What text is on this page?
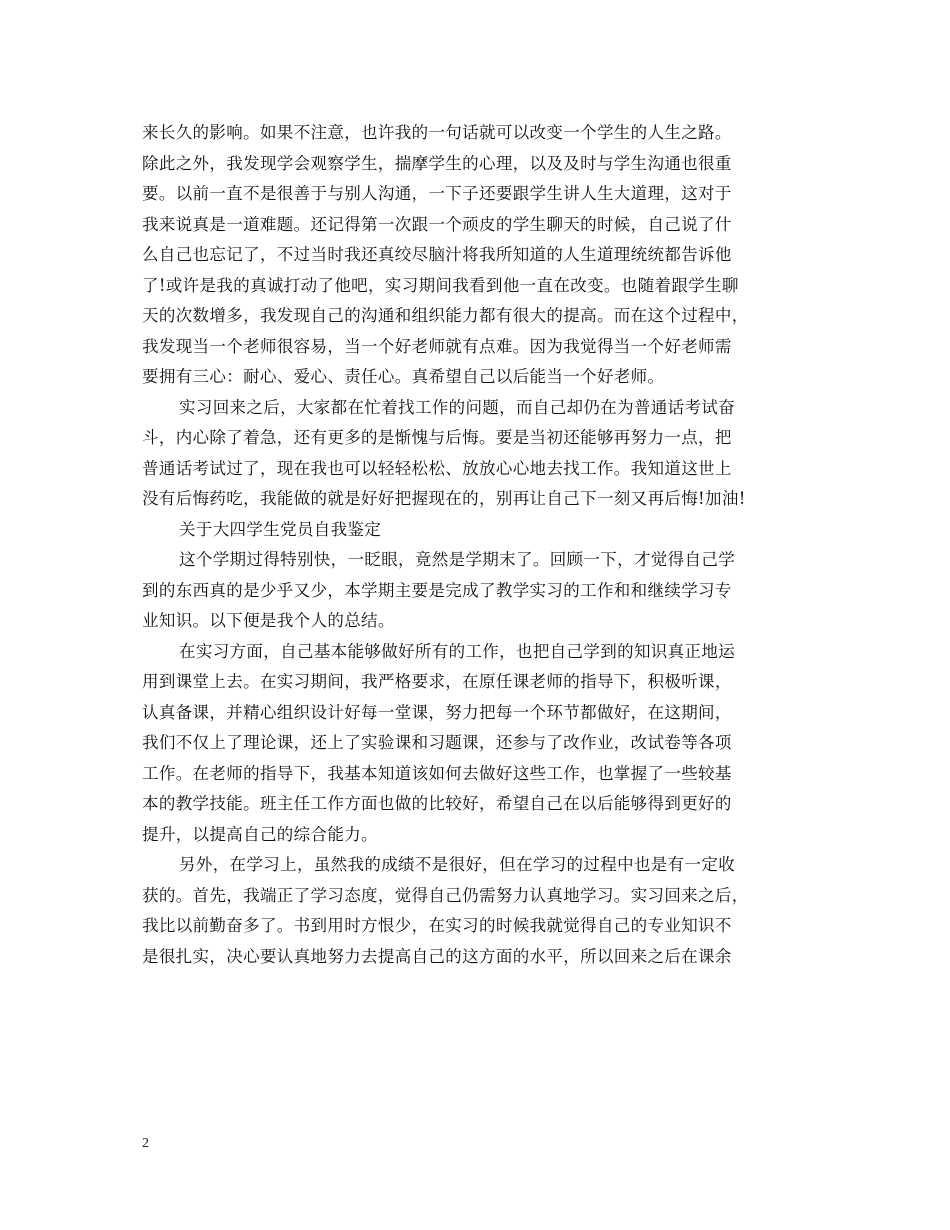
来长久的影响。如果不注意，也许我的一句话就可以改变一个学生的人生之路。
除此之外，我发现学会观察学生，揣摩学生的心理，以及及时与学生沟通也很重
要。以前一直不是很善于与别人沟通，一下子还要跟学生讲人生大道理，这对于
我来说真是一道难题。还记得第一次跟一个顽皮的学生聊天的时候，自己说了什
么自己也忘记了，不过当时我还真绞尽脑汁将我所知道的人生道理统统都告诉他
了!或许是我的真诚打动了他吧，实习期间我看到他一直在改变。也随着跟学生聊
天的次数增多，我发现自己的沟通和组织能力都有很大的提高。而在这个过程中，
我发现当一个老师很容易，当一个好老师就有点难。因为我觉得当一个好老师需
要拥有三心：耐心、爱心、责任心。真希望自己以后能当一个好老师。
实习回来之后，大家都在忙着找工作的问题，而自己却仍在为普通话考试奋
斗，内心除了着急，还有更多的是惭愧与后悔。要是当初还能够再努力一点，把
普通话考试过了，现在我也可以轻轻松松、放放心心地去找工作。我知道这世上
没有后悔药吃，我能做的就是好好把握现在的，别再让自己下一刻又再后悔!加油!
关于大四学生党员自我鉴定
这个学期过得特别快，一眨眼，竟然是学期末了。回顾一下，才觉得自己学
到的东西真的是少乎又少，本学期主要是完成了教学实习的工作和和继续学习专
业知识。以下便是我个人的总结。
在实习方面，自己基本能够做好所有的工作，也把自己学到的知识真正地运
用到课堂上去。在实习期间，我严格要求，在原任课老师的指导下，积极听课，
认真备课，并精心组织设计好每一堂课，努力把每一个环节都做好，在这期间，
我们不仅上了理论课，还上了实验课和习题课，还参与了改作业，改试卷等各项
工作。在老师的指导下，我基本知道该如何去做好这些工作，也掌握了一些较基
本的教学技能。班主任工作方面也做的比较好，希望自己在以后能够得到更好的
提升，以提高自己的综合能力。
另外，在学习上，虽然我的成绩不是很好，但在学习的过程中也是有一定收
获的。首先，我端正了学习态度，觉得自己仍需努力认真地学习。实习回来之后，
我比以前勤奋多了。书到用时方恨少，在实习的时候我就觉得自己的专业知识不
是很扎实，决心要认真地努力去提高自己的这方面的水平，所以回来之后在课余
2
